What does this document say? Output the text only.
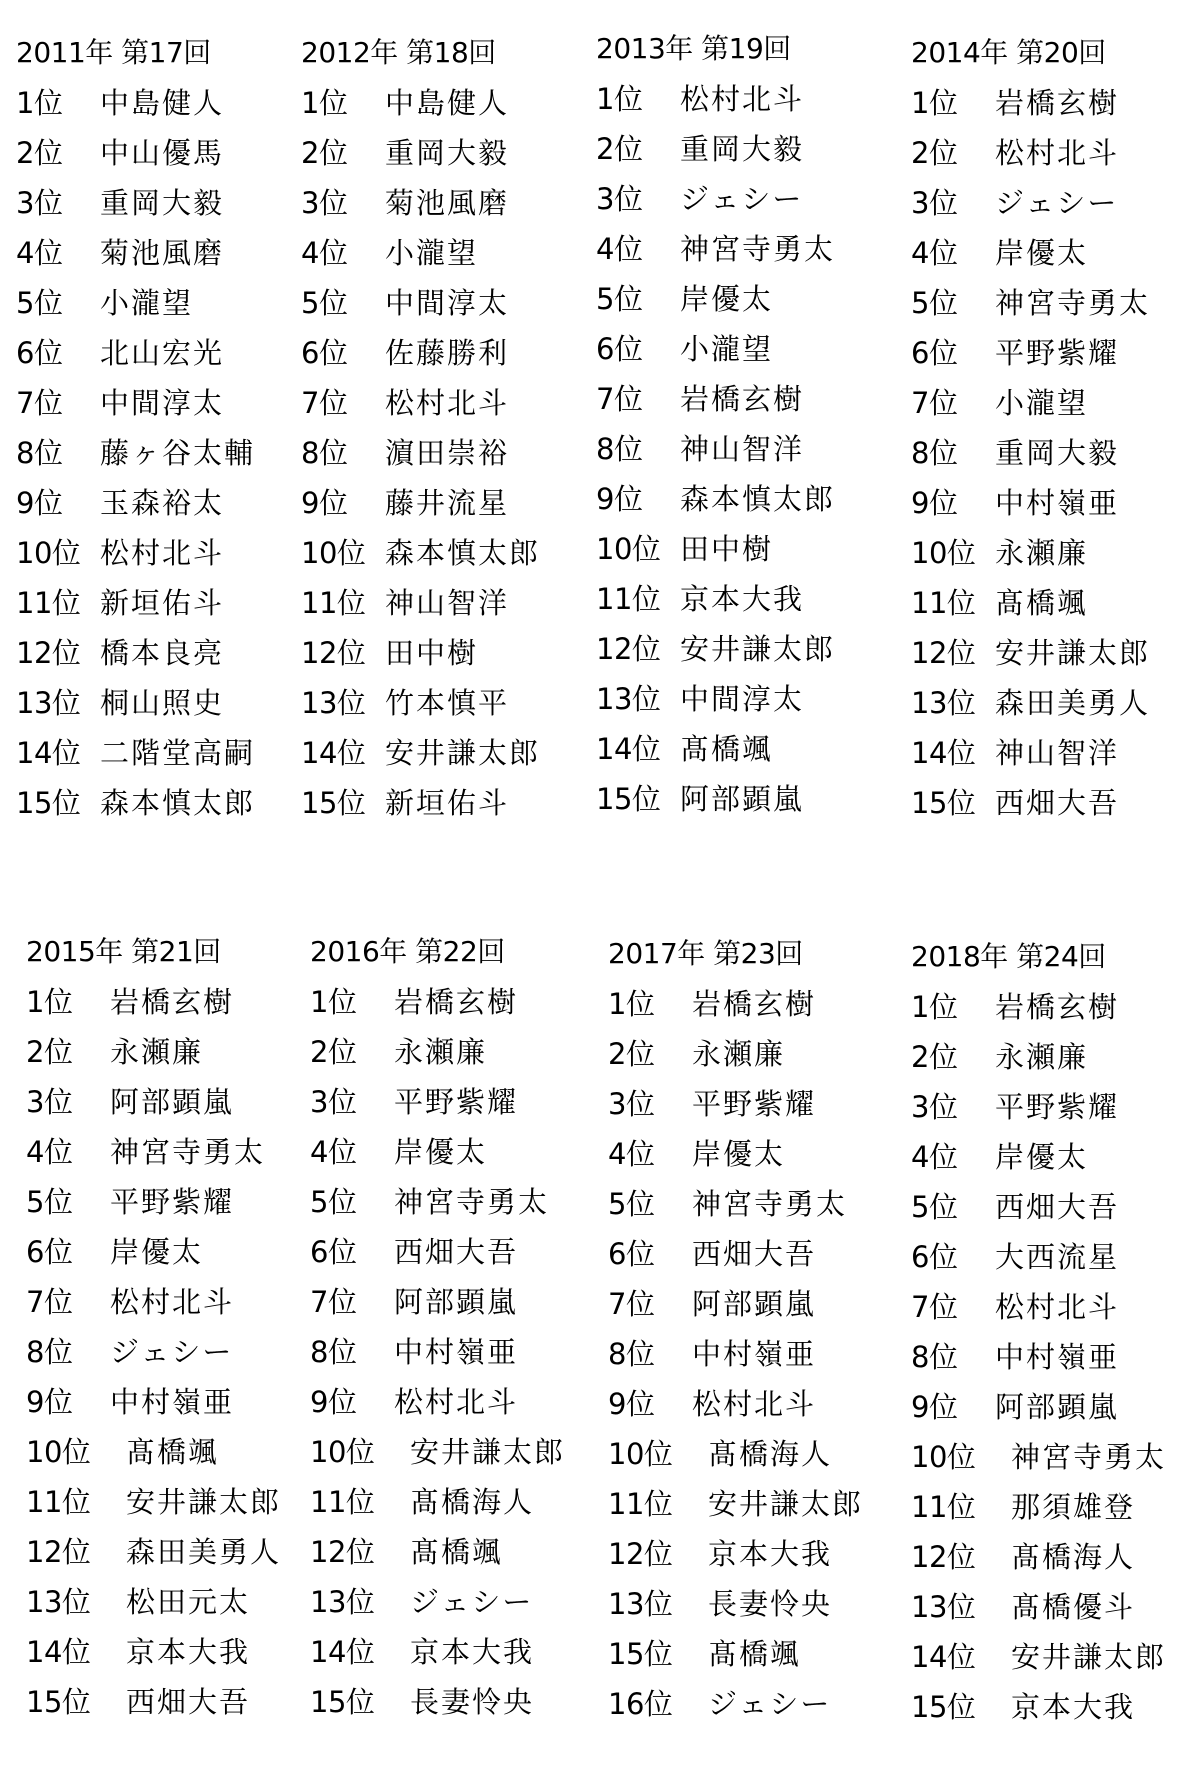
2011年 第17回
1位	中島健人
2位	中山優馬
3位	重岡大毅
4位	菊池風磨
5位	小瀧望
6位	北山宏光
7位	中間淳太
8位	藤ヶ谷太輔
9位	玉森裕太
10位 松村北斗
11位 新垣佑斗
12位 橋本良亮
13位 桐山照史
14位 二階堂高嗣
15位 森本慎太郎
2012年 第18回
1位	中島健人
2位	重岡大毅
3位	菊池風磨
4位	小瀧望
5位	中間淳太
6位	佐藤勝利
7位	松村北斗
8位	濵田崇裕
9位	藤井流星
10位 森本慎太郎
11位 神山智洋
12位 田中樹
13位 竹本慎平
14位 安井謙太郎
15位 新垣佑斗
2013年 第19回
1位	松村北斗
2位	重岡大毅
3位	ジェシー
4位	神宮寺勇太
5位	岸優太
6位	小瀧望
7位	岩橋玄樹
8位	神山智洋
9位	森本慎太郎
10位 田中樹
11位 京本大我
12位 安井謙太郎
13位 中間淳太
14位 髙橋颯
15位 阿部顕嵐
2014年 第20回
1位	岩橋玄樹
2位	松村北斗
3位	ジェシー
4位	岸優太
5位	神宮寺勇太
6位	平野紫耀
7位	小瀧望
8位	重岡大毅
9位	中村嶺亜
10位 永瀬廉
11位 髙橋颯
12位 安井謙太郎
13位 森田美勇人
14位 神山智洋
15位 西畑大吾
2015年 第21回
1位	岩橋玄樹
2位	永瀬廉
3位	阿部顕嵐
4位	神宮寺勇太
5位	平野紫耀
6位	岸優太
7位	松村北斗
8位	ジェシー
9位	中村嶺亜
10位	髙橋颯
11位	安井謙太郎
12位	森田美勇人
13位	松田元太
14位	京本大我
15位	西畑大吾
2016年 第22回
1位	岩橋玄樹
2位	永瀬廉
3位	平野紫耀
4位	岸優太
5位	神宮寺勇太
6位	西畑大吾
7位	阿部顕嵐
8位	中村嶺亜
9位	松村北斗
10位	安井謙太郎
11位	髙橋海人
12位	髙橋颯
13位	ジェシー
14位	京本大我
15位	長妻怜央
2017年 第23回
1位	岩橋玄樹
2位	永瀬廉
3位	平野紫耀
4位	岸優太
5位	神宮寺勇太
6位	西畑大吾
7位	阿部顕嵐
8位	中村嶺亜
9位	松村北斗
10位	髙橋海人
11位	安井謙太郎
12位	京本大我
13位	長妻怜央
15位	髙橋颯
16位	ジェシー
2018年 第24回
1位	岩橋玄樹
2位	永瀬廉
3位	平野紫耀
4位	岸優太
5位	西畑大吾
6位	大西流星
7位	松村北斗
8位	中村嶺亜
9位	阿部顕嵐
10位	神宮寺勇太
11位	那須雄登
12位	髙橋海人
13位	髙橋優斗
14位	安井謙太郎
15位	京本大我
